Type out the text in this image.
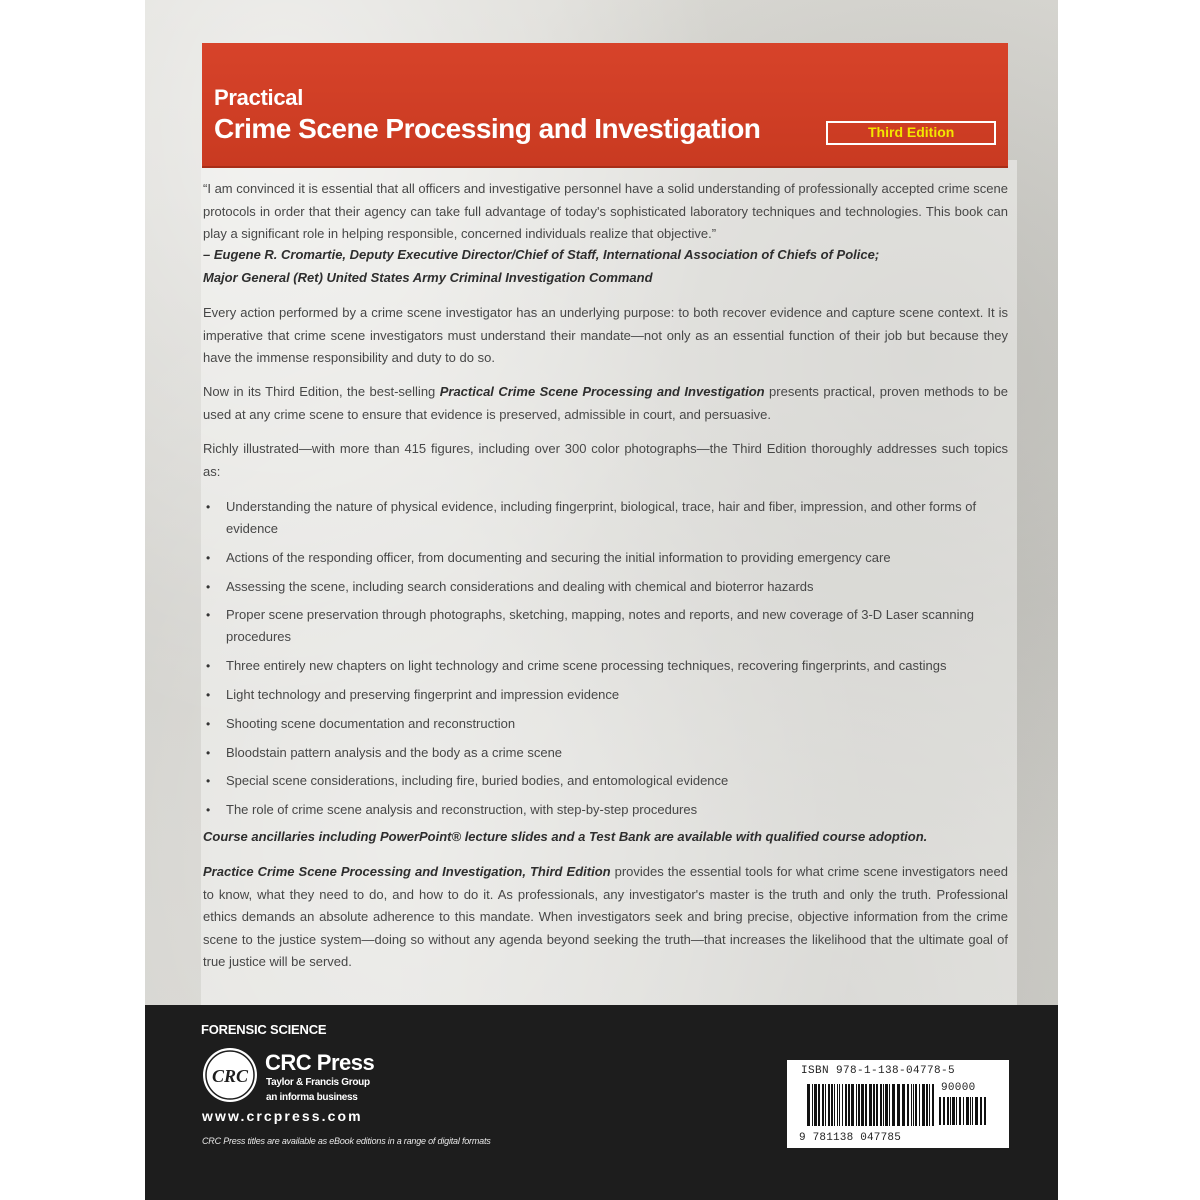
Practical
Crime Scene Processing and Investigation	Third Edition

“I am convinced it is essential that all officers and investigative personnel have a solid understanding of professionally accepted crime scene protocols in order that their agency can take full advantage of today's sophisticated laboratory techniques and technologies. This book can play a significant role in helping responsible, concerned individuals realize that objective.”

– Eugene R. Cromartie, Deputy Executive Director/Chief of Staff, International Association of Chiefs of Police;
Major General (Ret) United States Army Criminal Investigation Command

Every action performed by a crime scene investigator has an underlying purpose: to both recover evidence and capture scene context. It is imperative that crime scene investigators must understand their mandate—not only as an essential function of their job but because they have the immense responsibility and duty to do so.

Now in its Third Edition, the best-selling Practical Crime Scene Processing and Investigation presents practical, proven methods to be used at any crime scene to ensure that evidence is preserved, admissible in court, and persuasive.

Richly illustrated—with more than 415 figures, including over 300 color photographs—the Third Edition thoroughly addresses such topics as:

• Understanding the nature of physical evidence, including fingerprint, biological, trace, hair and fiber, impression, and other forms of evidence
• Actions of the responding officer, from documenting and securing the initial information to providing emergency care
• Assessing the scene, including search considerations and dealing with chemical and bioterror hazards
• Proper scene preservation through photographs, sketching, mapping, notes and reports, and new coverage of 3-D Laser scanning procedures
• Three entirely new chapters on light technology and crime scene processing techniques, recovering fingerprints, and castings
• Light technology and preserving fingerprint and impression evidence
• Shooting scene documentation and reconstruction
• Bloodstain pattern analysis and the body as a crime scene
• Special scene considerations, including fire, buried bodies, and entomological evidence
• The role of crime scene analysis and reconstruction, with step-by-step procedures

Course ancillaries including PowerPoint® lecture slides and a Test Bank are available with qualified course adoption.

Practice Crime Scene Processing and Investigation, Third Edition provides the essential tools for what crime scene investigators need to know, what they need to do, and how to do it. As professionals, any investigator's master is the truth and only the truth. Professional ethics demands an absolute adherence to this mandate. When investigators seek and bring precise, objective information from the crime scene to the justice system—doing so without any agenda beyond seeking the truth—that increases the likelihood that the ultimate goal of true justice will be served.

FORENSIC SCIENCE
CRC
CRC Press
Taylor & Francis Group
an informa business
www.crcpress.com
CRC Press titles are available as eBook editions in a range of digital formats
ISBN 978-1-138-04778-5
90000
9 781138 047785
